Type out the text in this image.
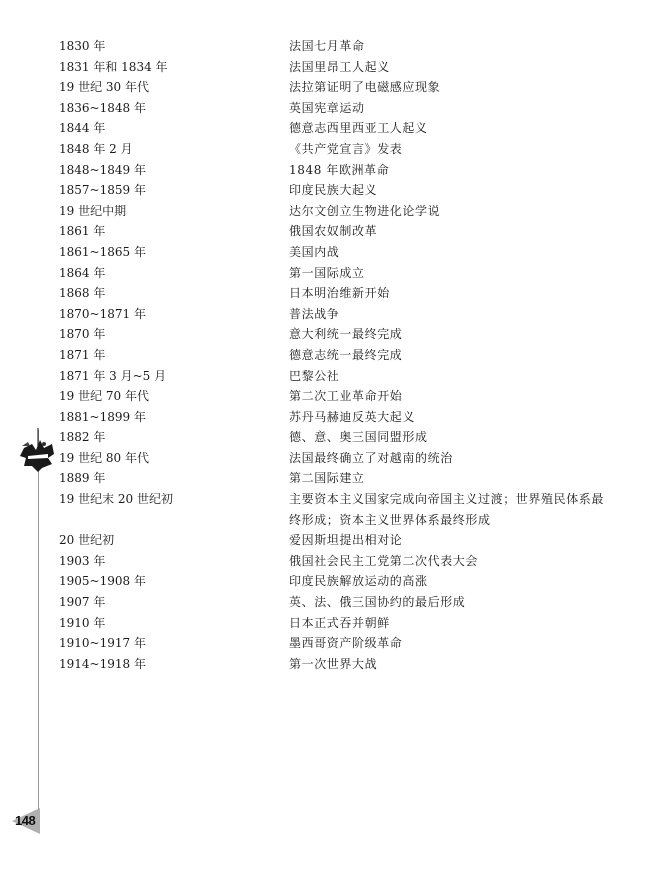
148
1830 年	法国七月革命
1831 年和 1834 年	法国里昂工人起义
19 世纪 30 年代	法拉第证明了电磁感应现象
1836~1848 年	英国宪章运动
1844 年	德意志西里西亚工人起义
1848 年 2 月	《共产党宣言》发表
1848~1849 年	1848 年欧洲革命
1857~1859 年	印度民族大起义
19 世纪中期	达尔文创立生物进化论学说
1861 年	俄国农奴制改革
1861~1865 年	美国内战
1864 年	第一国际成立
1868 年	日本明治维新开始
1870~1871 年	普法战争
1870 年	意大利统一最终完成
1871 年	德意志统一最终完成
1871 年 3 月~5 月	巴黎公社
19 世纪 70 年代	第二次工业革命开始
1881~1899 年	苏丹马赫迪反英大起义
1882 年	德、意、奥三国同盟形成
19 世纪 80 年代	法国最终确立了对越南的统治
1889 年	第二国际建立
19 世纪末 20 世纪初	主要资本主义国家完成向帝国主义过渡；世界殖民体系最终形成；资本主义世界体系最终形成
20 世纪初	爱因斯坦提出相对论
1903 年	俄国社会民主工党第二次代表大会
1905~1908 年	印度民族解放运动的高涨
1907 年	英、法、俄三国协约的最后形成
1910 年	日本正式吞并朝鲜
1910~1917 年	墨西哥资产阶级革命
1914~1918 年	第一次世界大战
